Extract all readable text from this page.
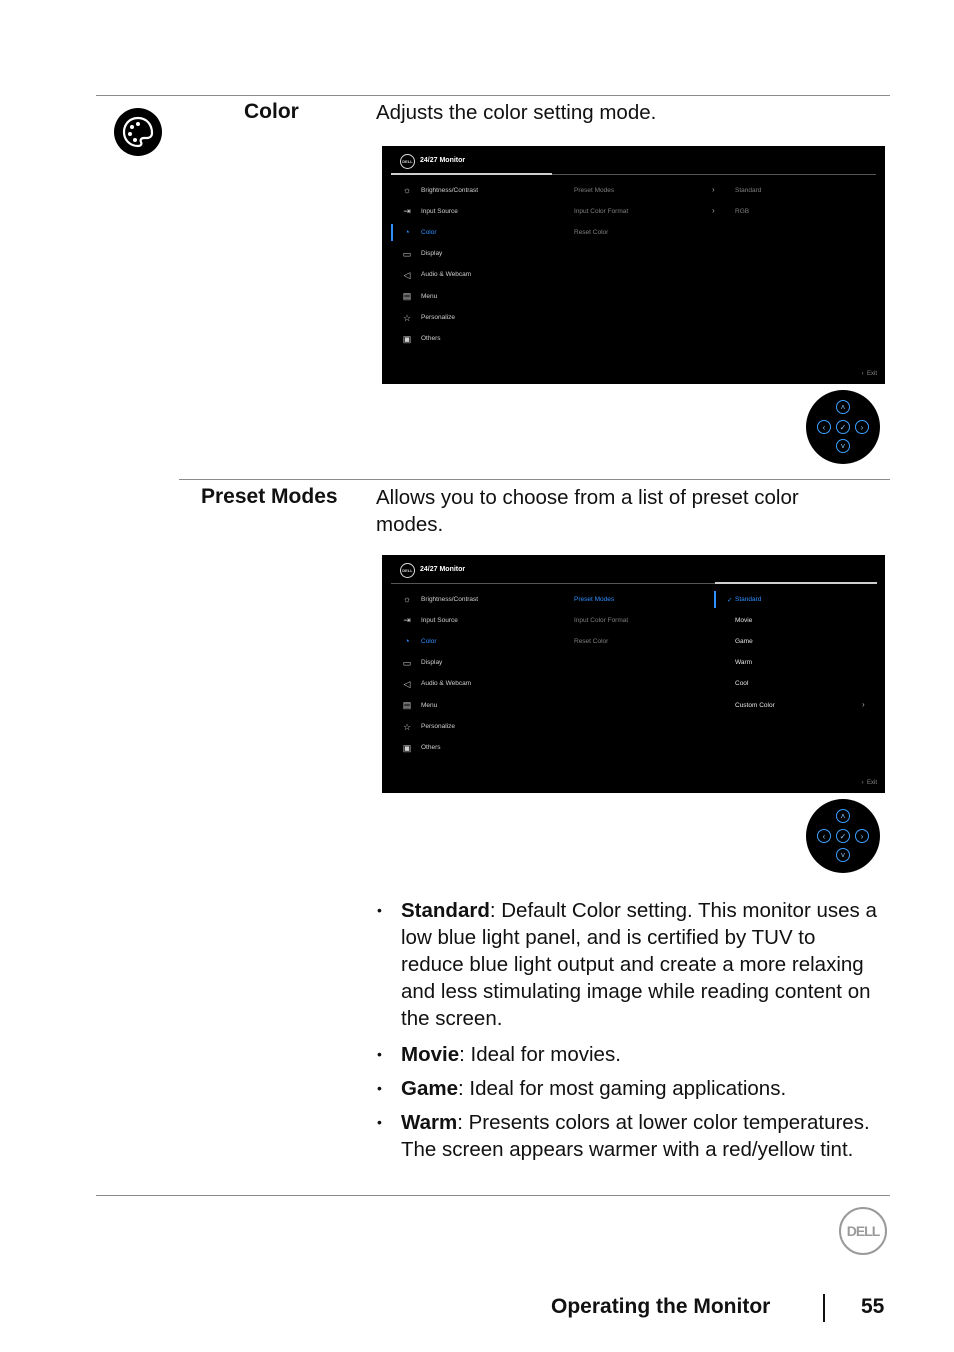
Color	Adjusts the color setting mode.
DELL	24/27 Monitor
☼ Brightness/Contrast
⇥	Input Source
◔	Color
▭ Display
◁	Audio & Webcam
▤ Menu
☆	Personalize
▣ Others
Preset Modes
Input Color Format
Reset Color
›
›
Standard
RGB
‹ Exit
˄
‹	✓	›
˅
Preset Modes Allows you to choose from a list of preset color modes.
DELL	24/27 Monitor
☼ Brightness/Contrast
⇥	Input Source
◔	Color
▭ Display
◁	Audio & Webcam
▤ Menu
☆	Personalize
▣ Others
Preset Modes
Input Color Format
Reset Color
✓ Standard
Movie
Game
Warm
Cool
Custom Color	›
‹ Exit
˄
‹	✓	›
˅
• Standard: Default Color setting. This monitor uses a low blue light panel, and is certified by TUV to reduce blue light output and create a more relaxing and less stimulating image while reading content on the screen.
• Movie: Ideal for movies.
• Game: Ideal for most gaming applications.
• Warm: Presents colors at lower color temperatures. The screen appears warmer with a red/yellow tint.
DELL
Operating the Monitor	55
